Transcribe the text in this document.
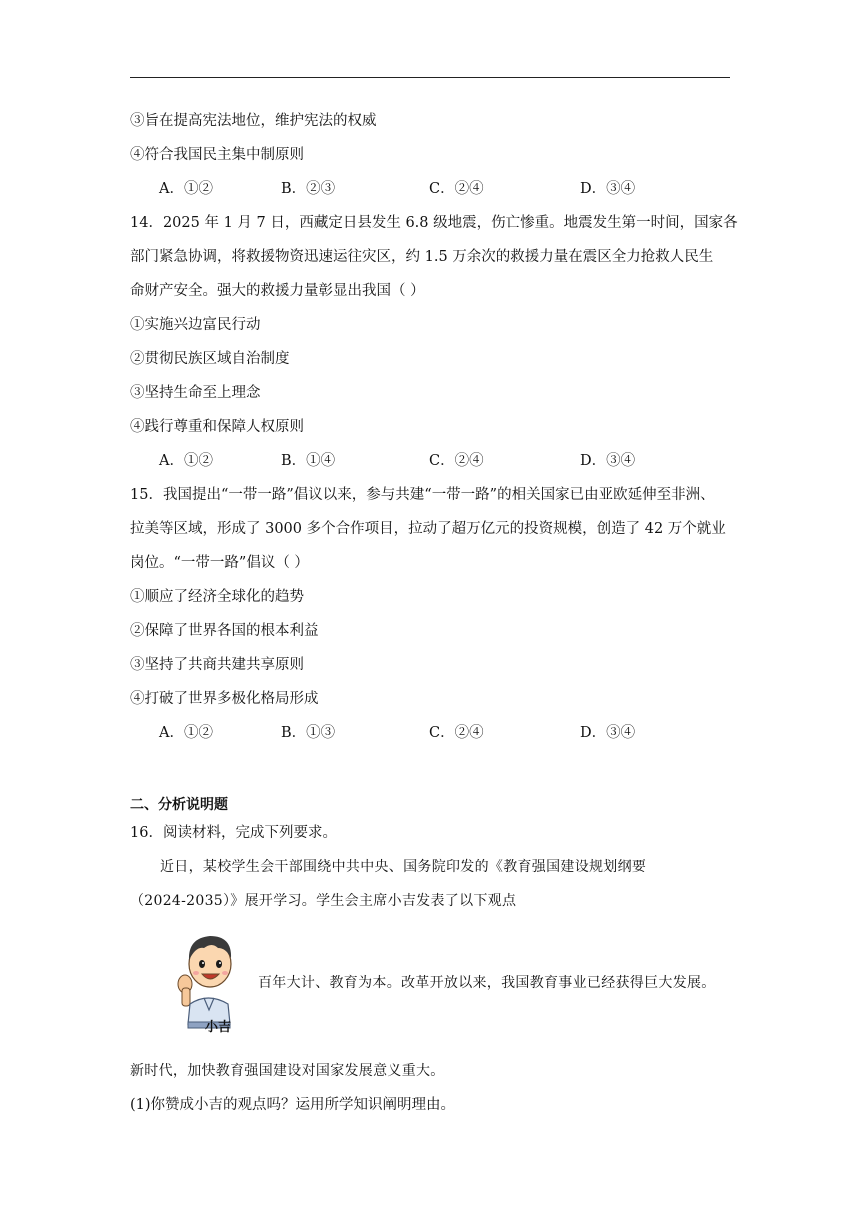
③旨在提高宪法地位，维护宪法的权威
④符合我国民主集中制原则
A．①②	B．②③	C．②④	D．③④
14．2025 年 1 月 7 日，西藏定日县发生 6.8 级地震，伤亡惨重。地震发生第一时间，国家各
部门紧急协调，将救援物资迅速运往灾区，约 1.5 万余次的救援力量在震区全力抢救人民生
命财产安全。强大的救援力量彰显出我国（ ）
①实施兴边富民行动
②贯彻民族区域自治制度
③坚持生命至上理念
④践行尊重和保障人权原则
A．①②	B．①④	C．②④	D．③④
15．我国提出“一带一路”倡议以来，参与共建“一带一路”的相关国家已由亚欧延伸至非洲、
拉美等区域，形成了 3000 多个合作项目，拉动了超万亿元的投资规模，创造了 42 万个就业
岗位。“一带一路”倡议（ ）
①顺应了经济全球化的趋势
②保障了世界各国的根本利益
③坚持了共商共建共享原则
④打破了世界多极化格局形成
A．①②	B．①③	C．②④	D．③④
二、分析说明题
16．阅读材料，完成下列要求。
近日，某校学生会干部围绕中共中央、国务院印发的《教育强国建设规划纲要
（2024-2035）》展开学习。学生会主席小吉发表了以下观点
小吉
百年大计、教育为本。改革开放以来，我国教育事业已经获得巨大发展。
新时代，加快教育强国建设对国家发展意义重大。
(1)你赞成小吉的观点吗？运用所学知识阐明理由。
